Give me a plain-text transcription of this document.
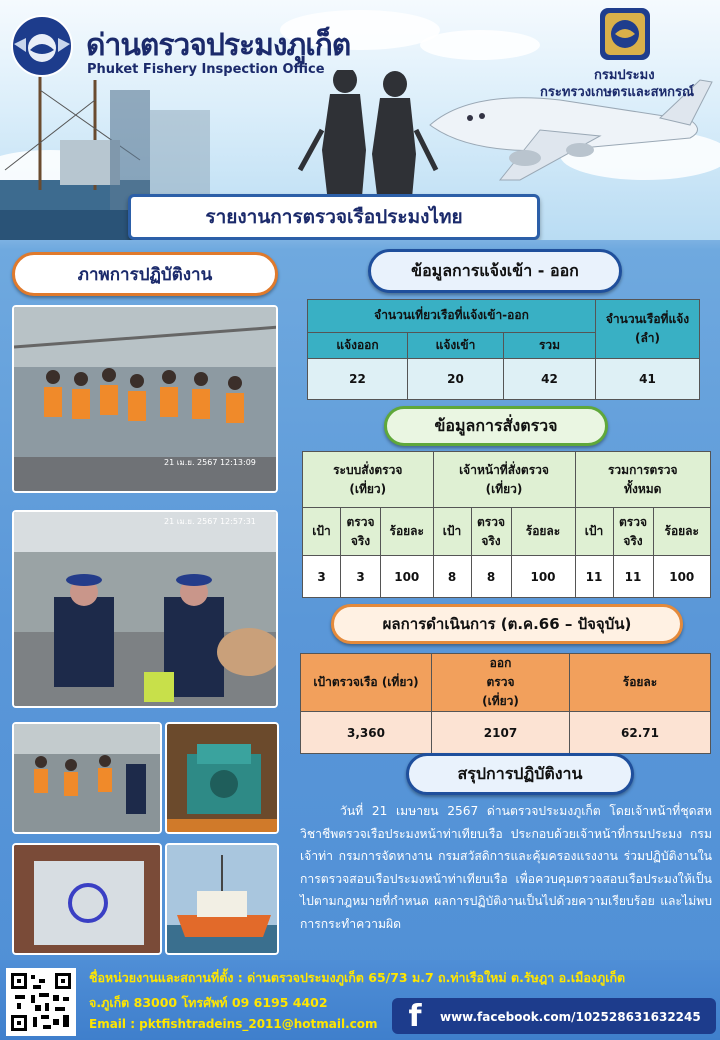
ด่านตรวจประมงภูเก็ต
Phuket Fishery Inspection Office	กรมประมง
กระทรวงเกษตรและสหกรณ์
รายงานการตรวจเรือประมงไทย
ภาพการปฏิบัติงาน
21 เม.ย. 2567 12:13:09
21 เม.ย. 2567 12:57:31
ข้อมูลการแจ้งเข้า - ออก
จำนวนเที่ยวเรือที่แจ้งเข้า-ออก			จำนวนเรือที่แจ้ง (ลำ)
แจ้งออก	แจ้งเข้า	รวม	
22	20	42	41
ข้อมูลการสั่งตรวจ
ระบบสั่งตรวจ (เที่ยว)			เจ้าหน้าที่สั่งตรวจ (เที่ยว)			รวมการตรวจ ทั้งหมด		
เป้า	ตรวจ จริง	ร้อยละ	เป้า	ตรวจ จริง	ร้อยละ	เป้า	ตรวจ จริง	ร้อยละ
3	3	100	8	8	100	11	11	100
ผลการดำเนินการ (ต.ค.66 – ปัจจุบัน)
เป้าตรวจเรือ (เที่ยว)	ออกตรวจ (เที่ยว)	ร้อยละ
3,360	2107	62.71
สรุปการปฏิบัติงาน

วันที่ 21 เมษายน 2567 ด่านตรวจประมงภูเก็ต โดยเจ้าหน้าที่ชุดสหวิชาชีพตรวจเรือประมงหน้าท่าเทียบเรือ ประกอบด้วยเจ้าหน้าที่กรมประมง กรมเจ้าท่า กรมการจัดหางาน กรมสวัสดิการและคุ้มครองแรงงาน ร่วมปฏิบัติงานในการตรวจสอบเรือประมงหน้าท่าเทียบเรือ เพื่อควบคุมตรวจสอบเรือประมงให้เป็นไปตามกฎหมายที่กำหนด ผลการปฏิบัติงานเป็นไปด้วยความเรียบร้อย และไม่พบการกระทำความผิด

ชื่อหน่วยงานและสถานที่ตั้ง : ด่านตรวจประมงภูเก็ต 65/73 ม.7 ถ.ท่าเรือใหม่ ต.รัษฎา อ.เมืองภูเก็ต
จ.ภูเก็ต 83000 โทรศัพท์ 09 6195 4402
Email : pktfishtradeins_2011@hotmail.com f	www.facebook.com/102528631632245
